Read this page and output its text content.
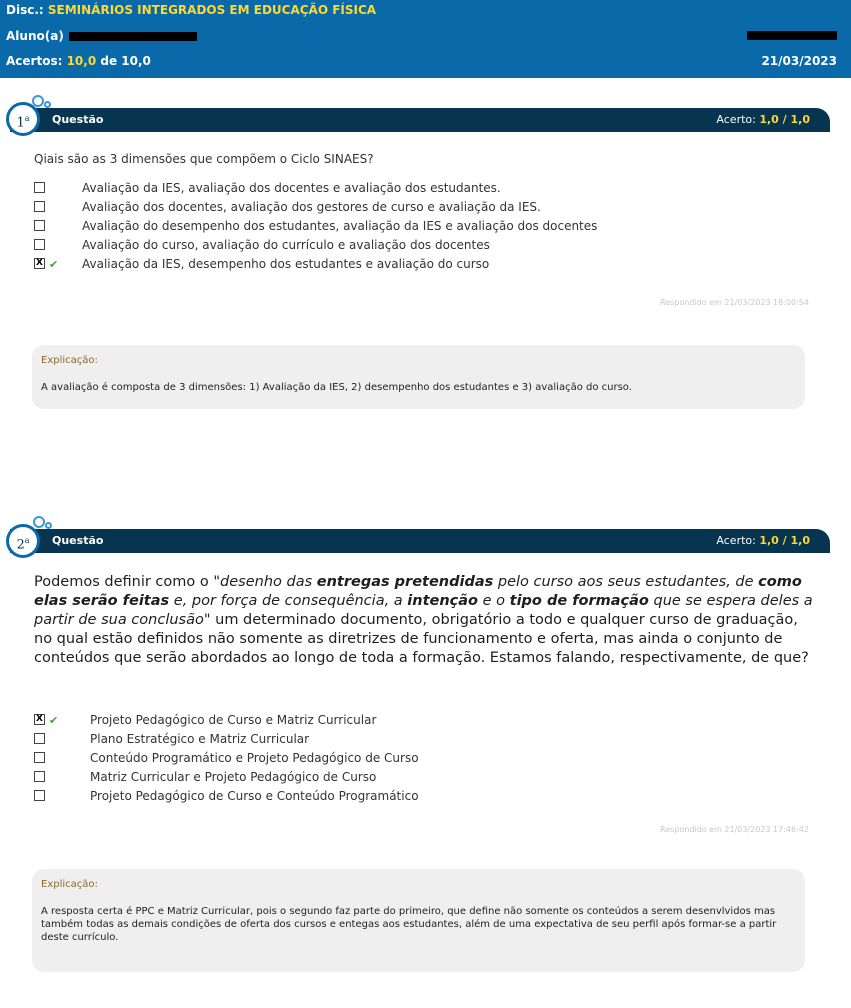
Disc.: SEMINÁRIOS INTEGRADOS EM EDUCAÇÃO FÍSICA
Aluno(a)
Acertos: 10,0 de 10,0	21/03/2023
Questão	Acerto: 1,0 / 1,0
1$^a$
Qiais são as 3 dimensões que compõem o Ciclo SINAES?
Avaliação da IES, avaliação dos docentes e avaliação dos estudantes.
Avaliação dos docentes, avaliação dos gestores de curso e avaliação da IES.
Avaliação do desempenho dos estudantes, avaliação da IES e avaliação dos docentes
Avaliação do curso, avaliação do currículo e avaliação dos docentes
X ✔ Avaliação da IES, desempenho dos estudantes e avaliação do curso
Respondido em 21/03/2023 18:00:54
Explicação:
A avaliação é composta de 3 dimensões: 1) Avaliação da IES, 2) desempenho dos estudantes e 3) avaliação do curso.
Questão	Acerto: 1,0 / 1,0
2$^a$
Podemos definir como o "desenho das entregas pretendidas pelo curso aos seus estudantes, de como elas serão feitas e, por força de consequência, a intenção e o tipo de formação que se espera deles a partir de sua conclusão" um determinado documento, obrigatório a todo e qualquer curso de graduação, no qual estão definidos não somente as diretrizes de funcionamento e oferta, mas ainda o conjunto de conteúdos que serão abordados ao longo de toda a formação. Estamos falando, respectivamente, de que?
X ✔	Projeto Pedagógico de Curso e Matriz Curricular
Plano Estratégico e Matriz Curricular
Conteúdo Programático e Projeto Pedagógico de Curso
Matriz Curricular e Projeto Pedagógico de Curso
Projeto Pedagógico de Curso e Conteúdo Programático
Respondido em 21/03/2023 17:46:42
Explicação:
A resposta certa é PPC e Matriz Curricular, pois o segundo faz parte do primeiro, que define não somente os conteúdos a serem desenvlvidos mas também todas as demais condições de oferta dos cursos e entegas aos estudantes, além de uma expectativa de seu perfil após formar-se a partir deste currículo.
